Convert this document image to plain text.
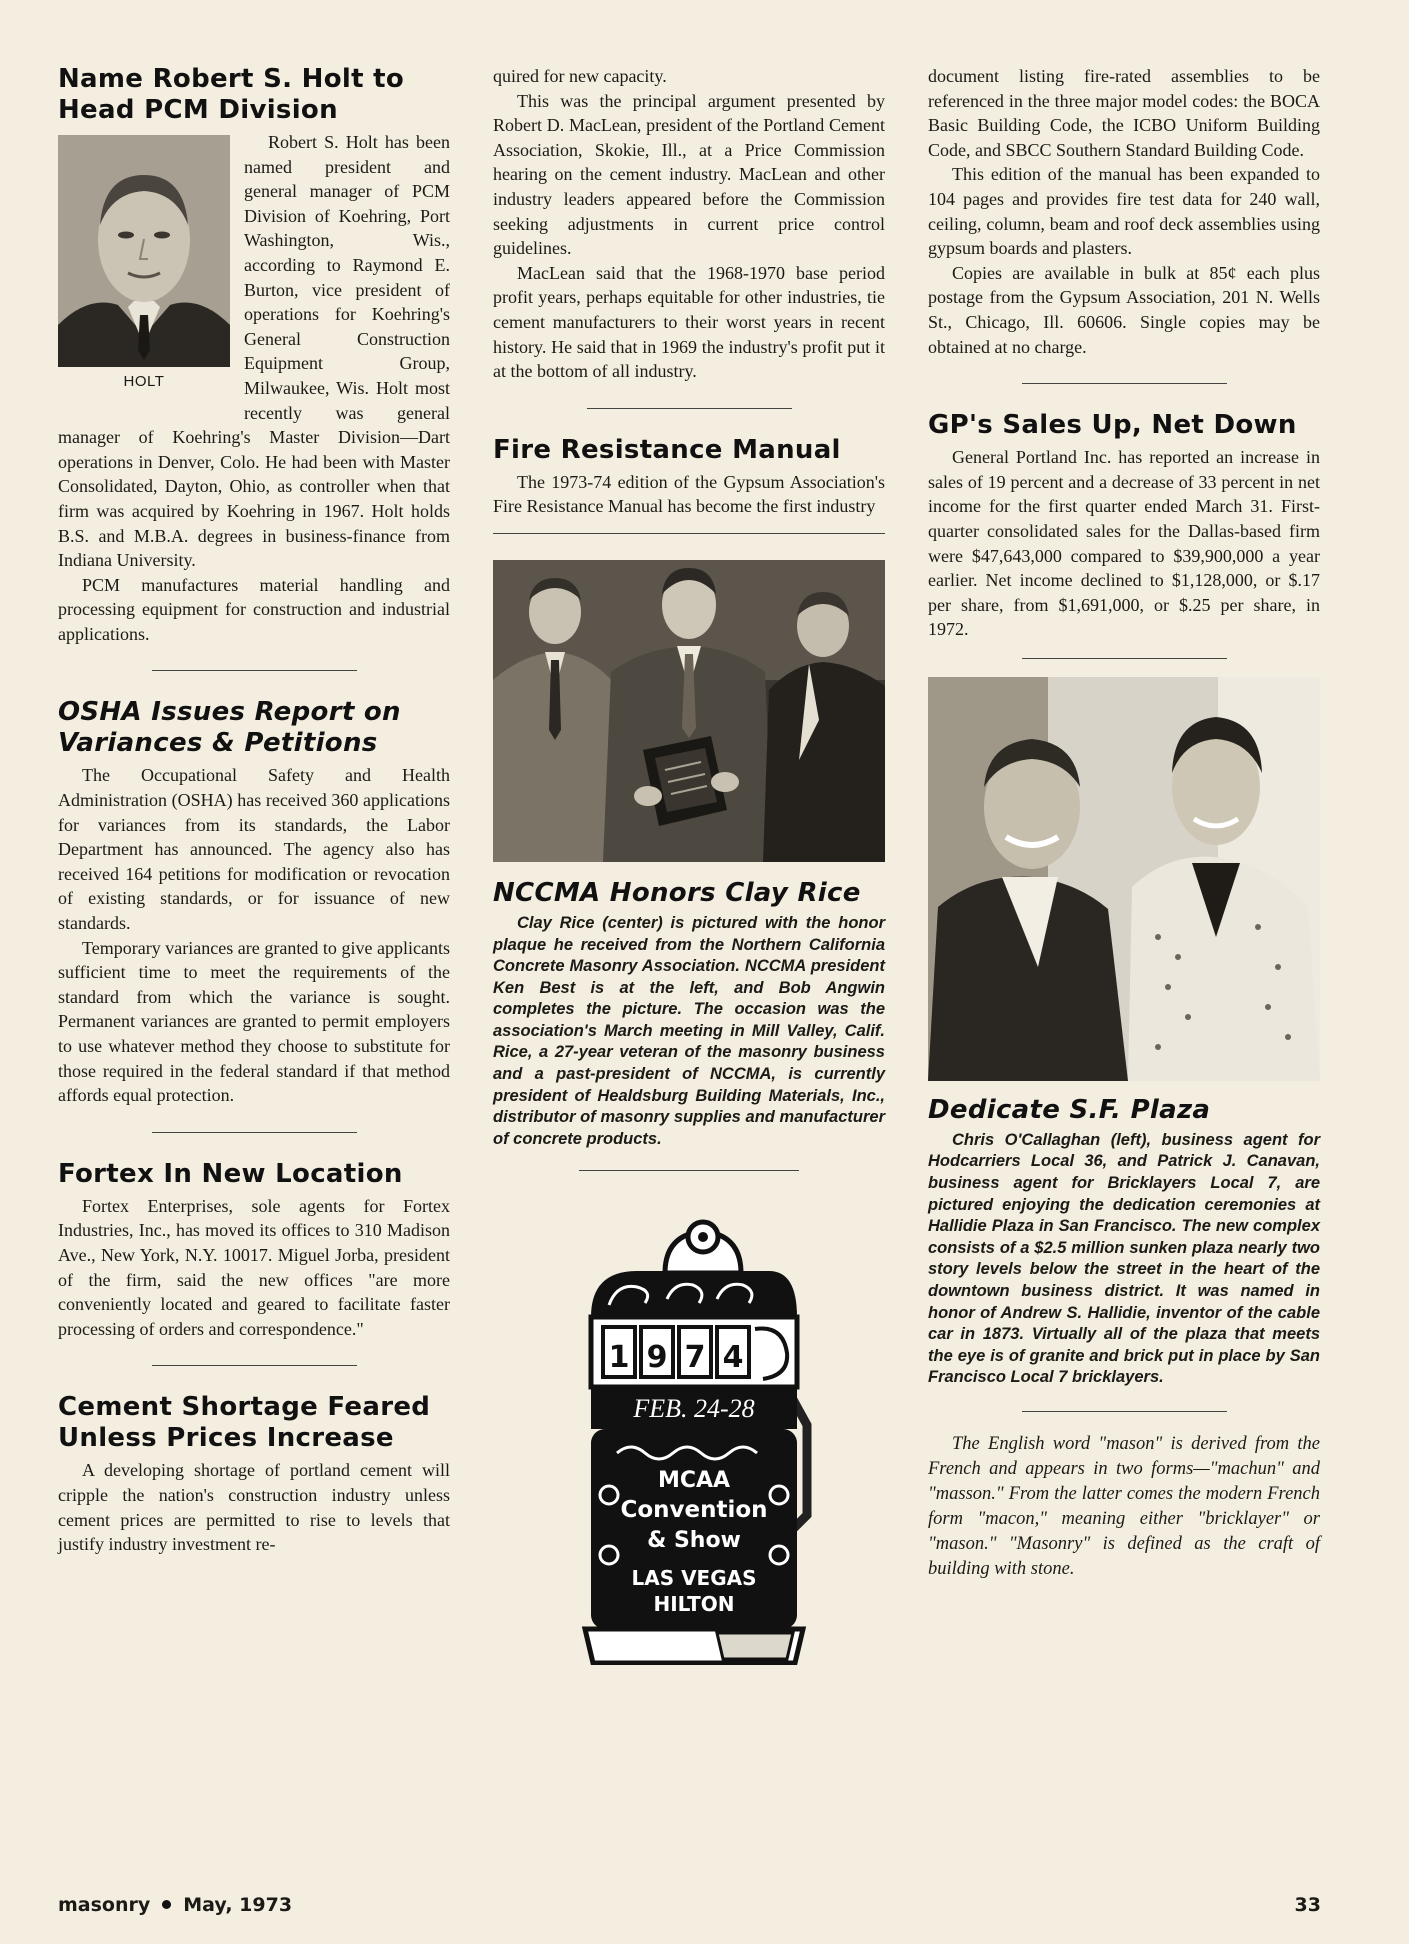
Name Robert S. Holt to Head PCM Division
HOLT

Robert S. Holt has been named president and general manager of PCM Division of Koehring, Port Washington, Wis., according to Raymond E. Burton, vice president of operations for Koehring's General Construction Equipment Group, Milwaukee, Wis. Holt most recently was general manager of Koehring's Master Division—Dart operations in Denver, Colo. He had been with Master Consolidated, Dayton, Ohio, as controller when that firm was acquired by Koehring in 1967. Holt holds B.S. and M.B.A. degrees in business-finance from Indiana University.

PCM manufactures material handling and processing equipment for construction and industrial applications.

OSHA Issues Report on Variances & Petitions

The Occupational Safety and Health Administration (OSHA) has received 360 applications for variances from its standards, the Labor Department has announced. The agency also has received 164 petitions for modification or revocation of existing standards, or for issuance of new standards.

Temporary variances are granted to give applicants sufficient time to meet the requirements of the standard from which the variance is sought. Permanent variances are granted to permit employers to use whatever method they choose to substitute for those required in the federal standard if that method affords equal protection.

Fortex In New Location

Fortex Enterprises, sole agents for Fortex Industries, Inc., has moved its offices to 310 Madison Ave., New York, N.Y. 10017. Miguel Jorba, president of the firm, said the new offices "are more conveniently located and geared to facilitate faster processing of orders and correspondence."

Cement Shortage Feared Unless Prices Increase

A developing shortage of portland cement will cripple the nation's construction industry unless cement prices are permitted to rise to levels that justify industry investment re-

quired for new capacity.

This was the principal argument presented by Robert D. MacLean, president of the Portland Cement Association, Skokie, Ill., at a Price Commission hearing on the cement industry. MacLean and other industry leaders appeared before the Commission seeking adjustments in current price control guidelines.

MacLean said that the 1968-1970 base period profit years, perhaps equitable for other industries, tie cement manufacturers to their worst years in recent history. He said that in 1969 the industry's profit put it at the bottom of all industry.

Fire Resistance Manual

The 1973-74 edition of the Gypsum Association's Fire Resistance Manual has become the first industry

NCCMA Honors Clay Rice

Clay Rice (center) is pictured with the honor plaque he received from the Northern California Concrete Masonry Association. NCCMA president Ken Best is at the left, and Bob Angwin completes the picture. The occasion was the association's March meeting in Mill Valley, Calif. Rice, a 27-year veteran of the masonry business and a past-president of NCCMA, is currently president of Healdsburg Building Materials, Inc., distributor of masonry supplies and manufacturer of concrete products.

1 9 7 4
FEB. 24-28
MCAA
Convention
& Show
LAS VEGAS
HILTON

document listing fire-rated assemblies to be referenced in the three major model codes: the BOCA Basic Building Code, the ICBO Uniform Building Code, and SBCC Southern Standard Building Code.

This edition of the manual has been expanded to 104 pages and provides fire test data for 240 wall, ceiling, column, beam and roof deck assemblies using gypsum boards and plasters.

Copies are available in bulk at 85¢ each plus postage from the Gypsum Association, 201 N. Wells St., Chicago, Ill. 60606. Single copies may be obtained at no charge.

GP's Sales Up, Net Down

General Portland Inc. has reported an increase in sales of 19 percent and a decrease of 33 percent in net income for the first quarter ended March 31. First-quarter consolidated sales for the Dallas-based firm were $47,643,000 compared to $39,900,000 a year earlier. Net income declined to $1,128,000, or $.17 per share, from $1,691,000, or $.25 per share, in 1972.

Dedicate S.F. Plaza

Chris O'Callaghan (left), business agent for Hodcarriers Local 36, and Patrick J. Canavan, business agent for Bricklayers Local 7, are pictured enjoying the dedication ceremonies at Hallidie Plaza in San Francisco. The new complex consists of a $2.5 million sunken plaza nearly two story levels below the street in the heart of the downtown business district. It was named in honor of Andrew S. Hallidie, inventor of the cable car in 1873. Virtually all of the plaza that meets the eye is of granite and brick put in place by San Francisco Local 7 bricklayers.

The English word "mason" is derived from the French and appears in two forms—"machun" and "masson." From the latter comes the modern French form "macon," meaning either "bricklayer" or "mason." "Masonry" is defined as the craft of building with stone.

masonry May, 1973	33
